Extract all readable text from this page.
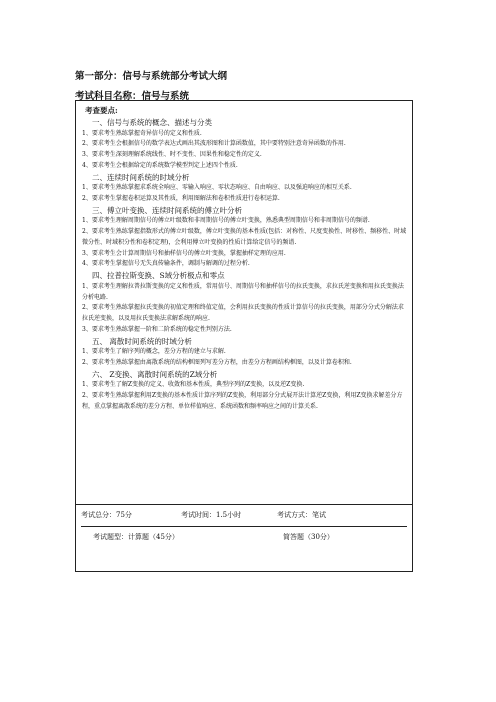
第一部分：信号与系统部分考试大纲
考试科目名称：信号与系统
考查要点:
一、信号与系统的概念、描述与分类
1、要求考生熟练掌握奇异信号的定义和性质.
2、要求考生会根据信号的数学表达式画出其波形图和计算函数值，其中要特别注意奇异函数的作用.
3、要求考生深刻理解系统线性、时不变性、因果性和稳定性的定义.
4、要求考生会根据给定的系统数学模型判定上述四个性质.
二、连续时间系统的时域分析
1、要求考生熟练掌握求系统全响应、零输入响应、零状态响应、自由响应、以及强迫响应的相互关系.
2、要求考生掌握卷积运算及其性质，利用图解法和卷积性质进行卷积运算.
三、傅立叶变换、连续时间系统的傅立叶分析
1、要求考生理解周期信号的傅立叶级数和非周期信号的傅立叶变换，熟悉典型周期信号和非周期信号的频谱.
2、要求考生熟练掌握指数形式的傅立叶级数，傅立叶变换的基本性质(包括：对称性、尺度变换性、时移性、频移性、时域微分性、时域积分性和卷积定理)，会利用傅立叶变换的性质计算给定信号的频谱.
3、要求考生会计算周期信号和抽样信号的傅立叶变换，掌握抽样定理的应用.
4、要求考生掌握信号无失真传输条件，调制与解调的过程分析.
四、拉普拉斯变换、S域分析极点和零点
1、要求考生理解拉普拉斯变换的定义和性质，常用信号、周期信号和抽样信号的拉氏变换，求拉氏逆变换和用拉氏变换法分析电路.
2、要求考生熟练掌握拉氏变换的初值定理和终值定值，会利用拉氏变换的性质计算信号的拉氏变换，用部分分式分解法求拉氏逆变换，以及用拉氏变换法求解系统的响应.
3、要求考生熟练掌握一阶和二阶系统的稳定性判别方法.
五、 离散时间系统的时域分析
1、要求考生了解序列的概念，差分方程的建立与求解.
2、要求考生熟练掌握由离散系统的结构框图列写差分方程，由差分方程画结构框图，以及计算卷积和.
六、 Z变换、离散时间系统的Z域分析
1、要求考生了解Z变换的定义、收敛和基本性质，典型序列的Z变换，以及逆Z变换.
2、要求考生熟练掌握利用Z变换的基本性质计算序列的Z变换，利用部分分式展开法计算逆Z变换，利用Z变换求解差分方程，重点掌握离散系统的差分方程、单位样值响应、系统函数和频率响应之间的计算关系.
考试总分：75分	考试时间：1.5小时	考试方式：笔试
考试题型：计算题（45分）	简答题（30分）
